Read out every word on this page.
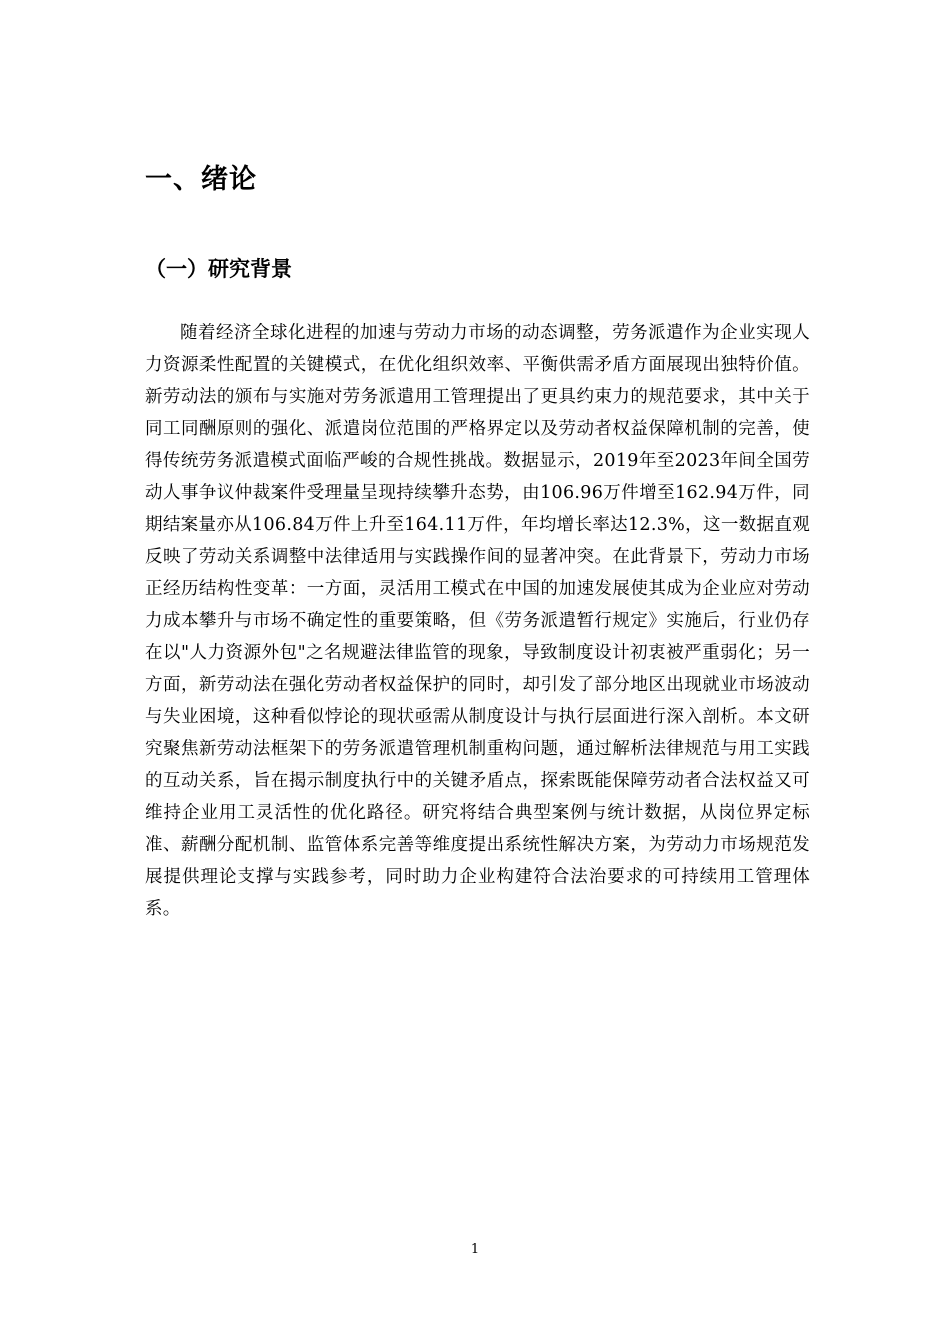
一、绪论
（一）研究背景

随着经济全球化进程的加速与劳动力市场的动态调整，劳务派遣作为企业实现人力资源柔性配置的关键模式，在优化组织效率、平衡供需矛盾方面展现出独特价值。新劳动法的颁布与实施对劳务派遣用工管理提出了更具约束力的规范要求，其中关于同工同酬原则的强化、派遣岗位范围的严格界定以及劳动者权益保障机制的完善，使得传统劳务派遣模式面临严峻的合规性挑战。数据显示，2019年至2023年间全国劳动人事争议仲裁案件受理量呈现持续攀升态势，由106.96万件增至162.94万件，同期结案量亦从106.84万件上升至164.11万件，年均增长率达12.3%，这一数据直观反映了劳动关系调整中法律适用与实践操作间的显著冲突。在此背景下，劳动力市场正经历结构性变革：一方面，灵活用工模式在中国的加速发展使其成为企业应对劳动力成本攀升与市场不确定性的重要策略，但《劳务派遣暂行规定》实施后，行业仍存在以"人力资源外包"之名规避法律监管的现象，导致制度设计初衷被严重弱化；另一方面，新劳动法在强化劳动者权益保护的同时，却引发了部分地区出现就业市场波动与失业困境，这种看似悖论的现状亟需从制度设计与执行层面进行深入剖析。本文研究聚焦新劳动法框架下的劳务派遣管理机制重构问题，通过解析法律规范与用工实践的互动关系，旨在揭示制度执行中的关键矛盾点，探索既能保障劳动者合法权益又可维持企业用工灵活性的优化路径。研究将结合典型案例与统计数据，从岗位界定标准、薪酬分配机制、监管体系完善等维度提出系统性解决方案，为劳动力市场规范发展提供理论支撑与实践参考，同时助力企业构建符合法治要求的可持续用工管理体系。

1
